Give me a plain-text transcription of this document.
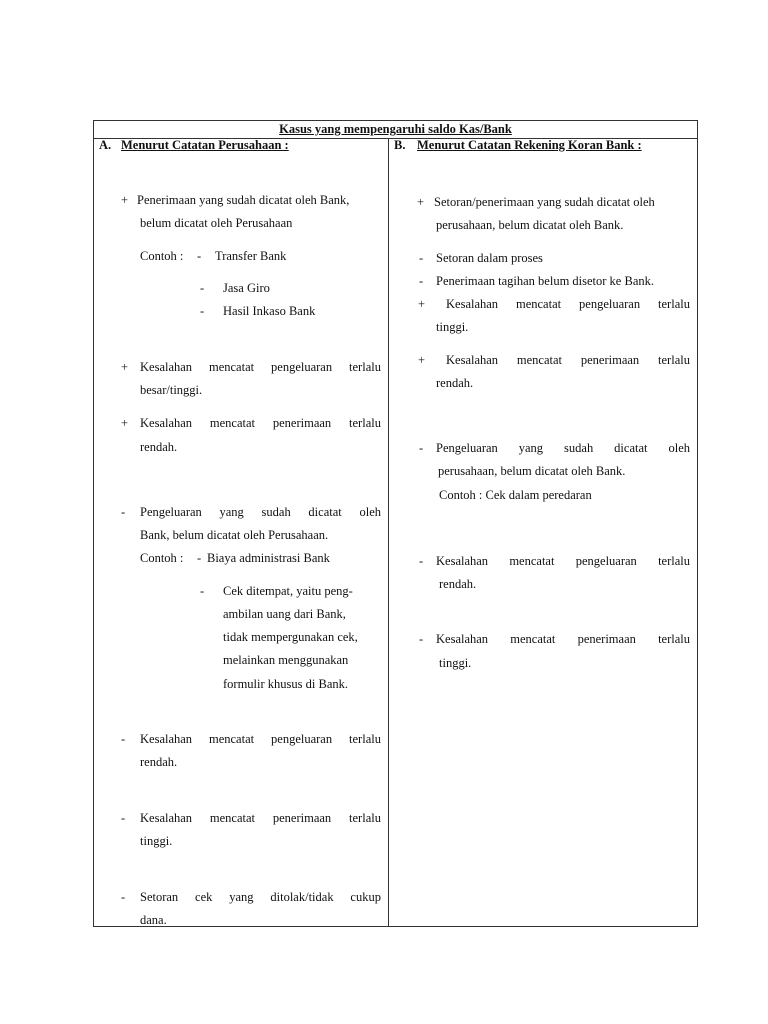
Kasus yang mempengaruhi saldo Kas/Bank
A. Menurut Catatan Perusahaan :
+ Penerimaan yang sudah dicatat oleh Bank,
belum dicatat oleh Perusahaan
Contoh : - Transfer Bank
- Jasa Giro
- Hasil Inkaso Bank
+ Kesalahan mencatat pengeluaran terlalu
besar/tinggi.
+ Kesalahan mencatat penerimaan terlalu
rendah.
- Pengeluaran yang sudah dicatat oleh
Bank, belum dicatat oleh Perusahaan.
Contoh : - Biaya administrasi Bank
- Cek ditempat, yaitu peng-
ambilan uang dari Bank,
tidak mempergunakan cek,
melainkan menggunakan
formulir khusus di Bank.
- Kesalahan mencatat pengeluaran terlalu
rendah.
- Kesalahan mencatat penerimaan terlalu
tinggi.
- Setoran cek yang ditolak/tidak cukup
dana.
B. Menurut Catatan Rekening Koran Bank :
+ Setoran/penerimaan yang sudah dicatat oleh
perusahaan, belum dicatat oleh Bank.
- Setoran dalam proses
- Penerimaan tagihan belum disetor ke Bank.
+ Kesalahan mencatat pengeluaran terlalu
tinggi.
+ Kesalahan mencatat penerimaan terlalu
rendah.
- Pengeluaran yang sudah dicatat oleh
perusahaan, belum dicatat oleh Bank.
Contoh : Cek dalam peredaran
- Kesalahan mencatat pengeluaran terlalu
rendah.
- Kesalahan mencatat penerimaan terlalu
tinggi.
